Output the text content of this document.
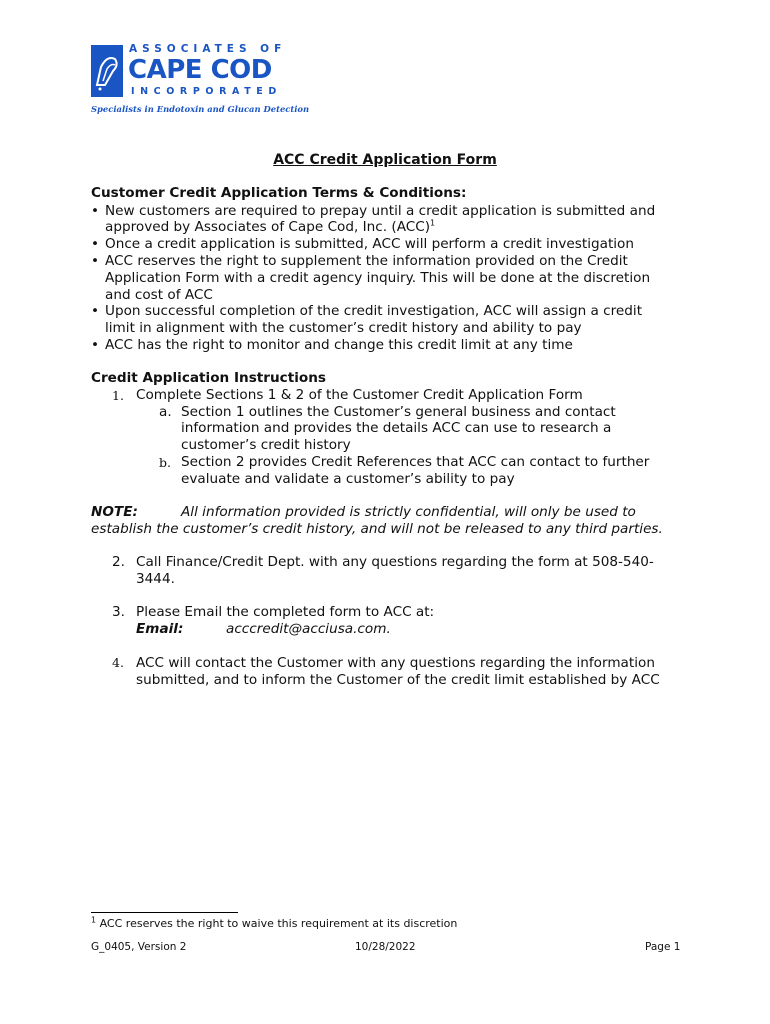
ASSOCIATES OF
CAPE COD
INCORPORATED
Specialists in Endotoxin and Glucan Detection
ACC Credit Application Form
Customer Credit Application Terms & Conditions:
• New customers are required to prepay until a credit application is submitted and
approved by Associates of Cape Cod, Inc. (ACC)$^1$
• Once a credit application is submitted, ACC will perform a credit investigation
• ACC reserves the right to supplement the information provided on the Credit
Application Form with a credit agency inquiry. This will be done at the discretion
and cost of ACC
• Upon successful completion of the credit investigation, ACC will assign a credit
limit in alignment with the customer’s credit history and ability to pay
• ACC has the right to monitor and change this credit limit at any time
Credit Application Instructions
1. Complete Sections 1 & 2 of the Customer Credit Application Form
a. Section 1 outlines the Customer’s general business and contact
information and provides the details ACC can use to research a
customer’s credit history
b. Section 2 provides Credit References that ACC can contact to further
evaluate and validate a customer’s ability to pay
NOTE:	All information provided is strictly confidential, will only be used to
establish the customer’s credit history, and will not be released to any third parties.
2. Call Finance/Credit Dept. with any questions regarding the form at 508-540-
3444.
3. Please Email the completed form to ACC at:
Email:	acccredit@acciusa.com.
4. ACC will contact the Customer with any questions regarding the information
submitted, and to inform the Customer of the credit limit established by ACC
$^1$ ACC reserves the right to waive this requirement at its discretion
G_0405, Version 2	10/28/2022	Page 1
